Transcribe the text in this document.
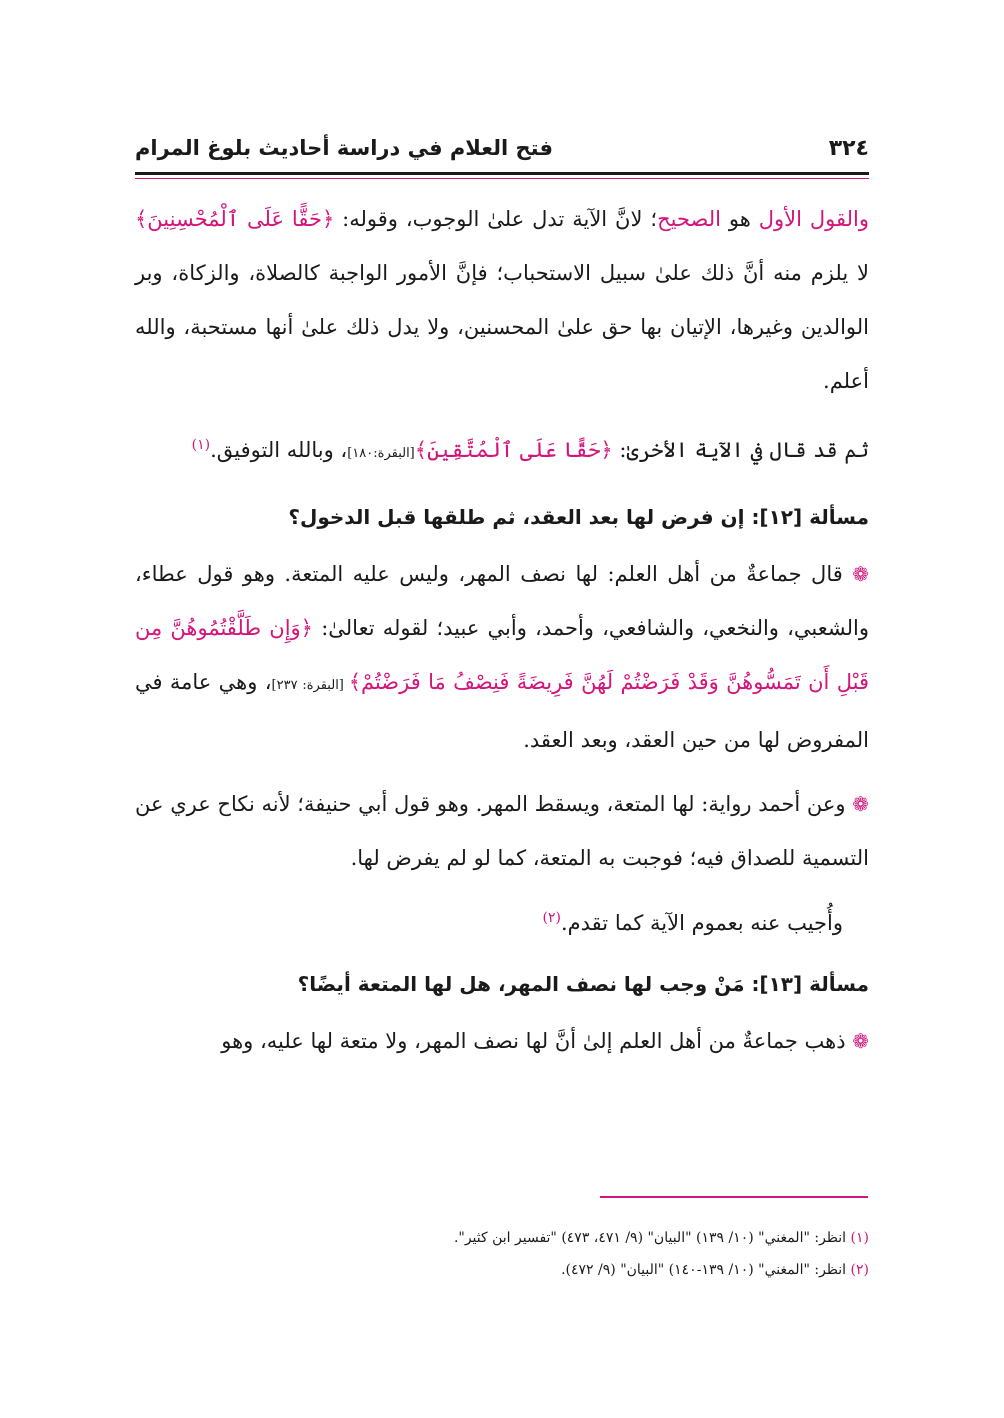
٣٢٤
فتح العلام في دراسة أحاديث بلوغ المرام

والقول الأول هو الصحيح؛ لانَّ الآية تدل علىٰ الوجوب، وقوله: ﴿حَقًّا عَلَى ٱلْمُحْسِنِينَ﴾ لا يلزم منه أنَّ ذلك علىٰ سبيل الاستحباب؛ فإنَّ الأمور الواجبة كالصلاة، والزكاة، وبر الوالدين وغيرها، الإتيان بها حق علىٰ المحسنين، ولا يدل ذلك علىٰ أنها مستحبة، والله أعلم.

ثم قد قال في الآية الأخرىٰ: ﴿حَقًّا عَلَى ٱلْمُتَّقِينَ﴾[البقرة:١٨٠]، وبالله التوفيق.$^{(١)}$

مسألة [١٢]: إن فرض لها بعد العقد، ثم طلقها قبل الدخول؟

❁ قال جماعةٌ من أهل العلم: لها نصف المهر، وليس عليه المتعة. وهو قول عطاء، والشعبي، والنخعي، والشافعي، وأحمد، وأبي عبيد؛ لقوله تعالىٰ: ﴿وَإِن طَلَّقْتُمُوهُنَّ مِن قَبْلِ أَن تَمَسُّوهُنَّ وَقَدْ فَرَضْتُمْ لَهُنَّ فَرِيضَةً فَنِصْفُ مَا فَرَضْتُمْ﴾ [البقرة: ٢٣٧]، وهي عامة في المفروض لها من حين العقد، وبعد العقد.

❁ وعن أحمد رواية: لها المتعة، ويسقط المهر. وهو قول أبي حنيفة؛ لأنه نكاح عري عن التسمية للصداق فيه؛ فوجبت به المتعة، كما لو لم يفرض لها.

وأُجيب عنه بعموم الآية كما تقدم.$^{(٢)}$

مسألة [١٣]: مَنْ وجب لها نصف المهر، هل لها المتعة أيضًا؟

❁ ذهب جماعةٌ من أهل العلم إلىٰ أنَّ لها نصف المهر، ولا متعة لها عليه، وهو

(١) انظر: "المغني" (١٠/ ١٣٩) "البيان" (٩/ ٤٧١، ٤٧٣) "تفسير ابن كثير".

(٢) انظر: "المغني" (١٠/ ١٣٩-١٤٠) "البيان" (٩/ ٤٧٢).
